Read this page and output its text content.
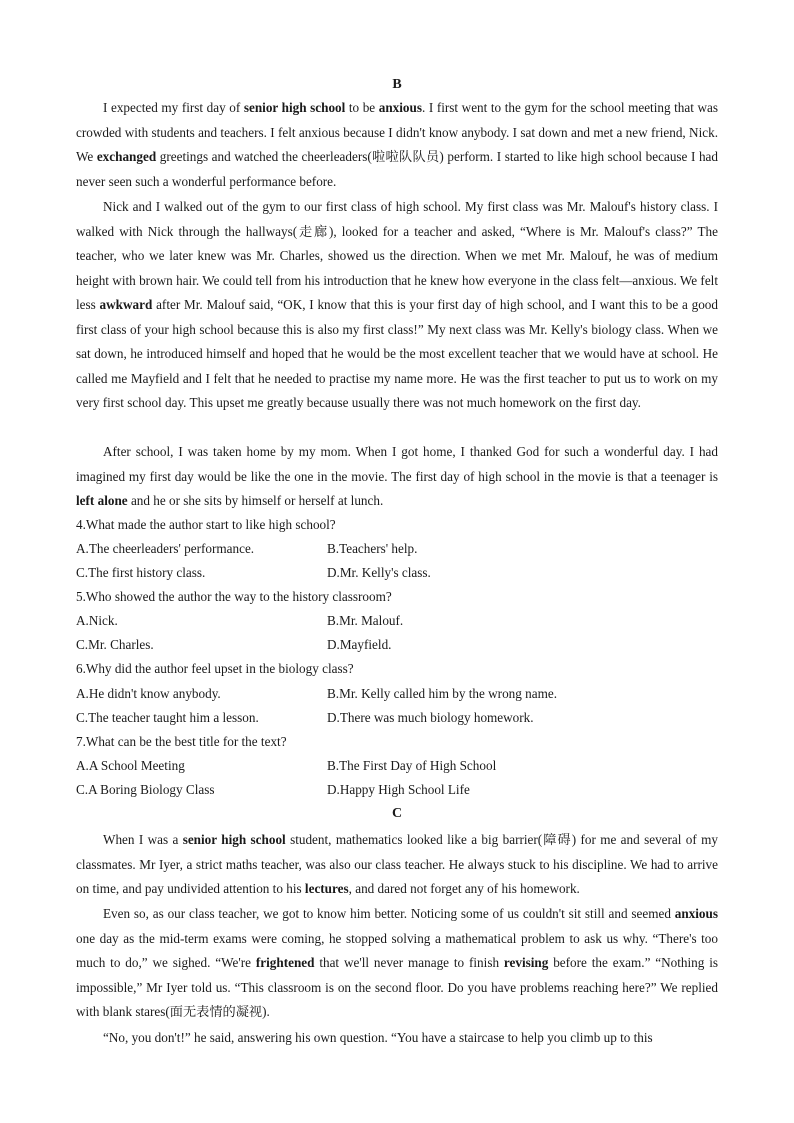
B

I expected my first day of senior high school to be anxious. I first went to the gym for the school meeting that was crowded with students and teachers. I felt anxious because I didn't know anybody. I sat down and met a new friend, Nick. We exchanged greetings and watched the cheerleaders(啦啦队队员) perform. I started to like high school because I had never seen such a wonderful performance before.

Nick and I walked out of the gym to our first class of high school. My first class was Mr. Malouf's history class. I walked with Nick through the hallways(走廊), looked for a teacher and asked, “Where is Mr. Malouf's class?” The teacher, who we later knew was Mr. Charles, showed us the direction. When we met Mr. Malouf, he was of medium height with brown hair. We could tell from his introduction that he knew how everyone in the class felt—anxious. We felt less awkward after Mr. Malouf said, “OK, I know that this is your first day of high school, and I want this to be a good first class of your high school because this is also my first class!” My next class was Mr. Kelly's biology class. When we sat down, he introduced himself and hoped that he would be the most excellent teacher that we would have at school. He called me Mayfield and I felt that he needed to practise my name more. He was the first teacher to put us to work on my very first school day. This upset me greatly because usually there was not much homework on the first day.

After school, I was taken home by my mom. When I got home, I thanked God for such a wonderful day. I had imagined my first day would be like the one in the movie. The first day of high school in the movie is that a teenager is left alone and he or she sits by himself or herself at lunch.

4.What made the author start to like high school?
A.The cheerleaders' performance.	B.Teachers' help.
C.The first history class.	D.Mr. Kelly's class.
5.Who showed the author the way to the history classroom?
A.Nick.	B.Mr. Malouf.
C.Mr. Charles.	D.Mayfield.
6.Why did the author feel upset in the biology class?
A.He didn't know anybody.	B.Mr. Kelly called him by the wrong name.
C.The teacher taught him a lesson.	D.There was much biology homework.
7.What can be the best title for the text?
A.A School Meeting	B.The First Day of High School
C.A Boring Biology Class	D.Happy High School Life
C

When I was a senior high school student, mathematics looked like a big barrier(障碍) for me and several of my classmates. Mr Iyer, a strict maths teacher, was also our class teacher. He always stuck to his discipline. We had to arrive on time, and pay undivided attention to his lectures, and dared not forget any of his homework.

Even so, as our class teacher, we got to know him better. Noticing some of us couldn't sit still and seemed anxious one day as the mid-term exams were coming, he stopped solving a mathematical problem to ask us why. “There's too much to do,” we sighed. “We're frightened that we'll never manage to finish revising before the exam.” “Nothing is impossible,” Mr Iyer told us. “This classroom is on the second floor. Do you have problems reaching here?” We replied with blank stares(面无表情的凝视).

“No, you don't!” he said, answering his own question. “You have a staircase to help you climb up to this
